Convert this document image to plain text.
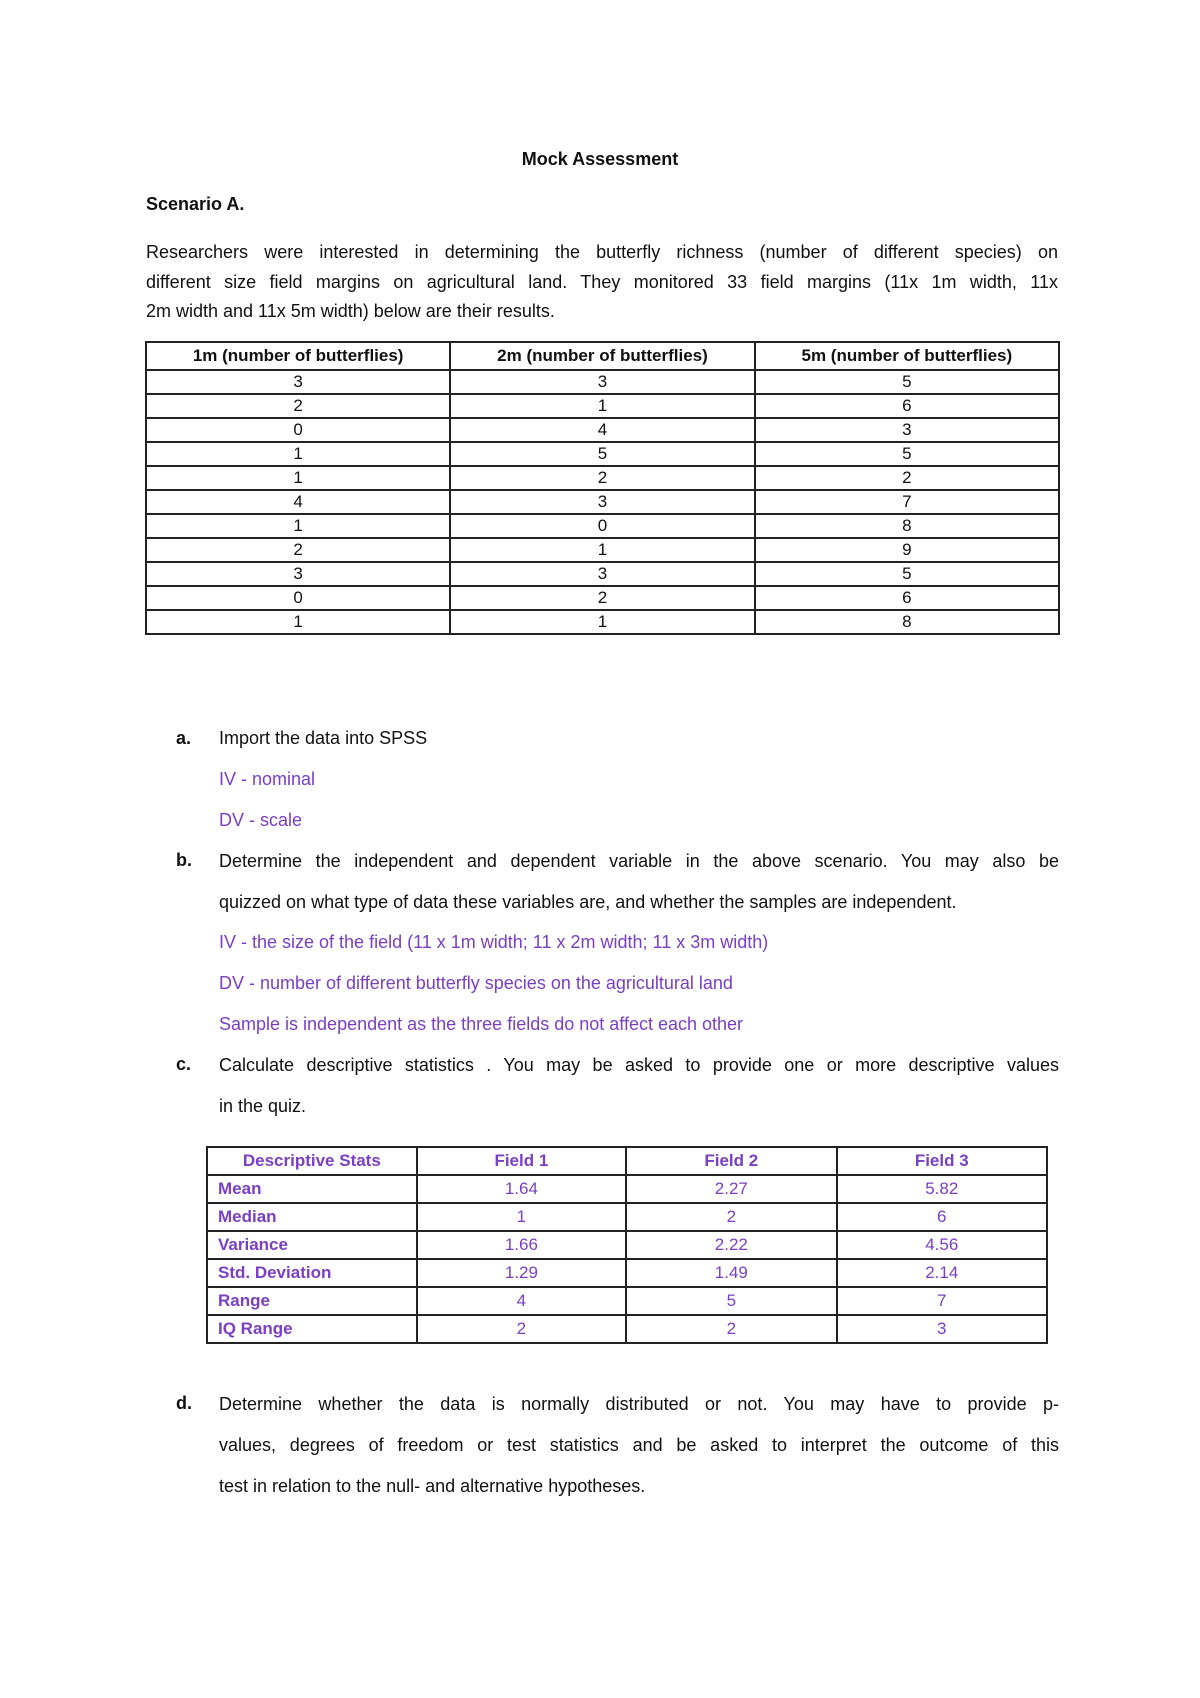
Mock Assessment
Scenario A.
Researchers were interested in determining the butterfly richness (number of different species) on
different size field margins on agricultural land. They monitored 33 field margins (11x 1m width, 11x
2m width and 11x 5m width) below are their results.
1m (number of butterflies)	2m (number of butterflies)	5m (number of butterflies)
3	3	5
2	1	6
0	4	3
1	5	5
1	2	2
4	3	7
1	0	8
2	1	9
3	3	5
0	2	6
1	1	8
a. Import the data into SPSS
IV - nominal
DV - scale
b. Determine the independent and dependent variable in the above scenario. You may also be
quizzed on what type of data these variables are, and whether the samples are independent.
IV - the size of the field (11 x 1m width; 11 x 2m width; 11 x 3m width)
DV - number of different butterfly species on the agricultural land
Sample is independent as the three fields do not affect each other
c. Calculate descriptive statistics . You may be asked to provide one or more descriptive values
in the quiz.
Descriptive Stats	Field 1	Field 2	Field 3
Mean	1.64	2.27	5.82
Median	1	2	6
Variance	1.66	2.22	4.56
Std. Deviation	1.29	1.49	2.14
Range	4	5	7
IQ Range	2	2	3
d. Determine whether the data is normally distributed or not. You may have to provide p-
values, degrees of freedom or test statistics and be asked to interpret the outcome of this
test in relation to the null- and alternative hypotheses.
